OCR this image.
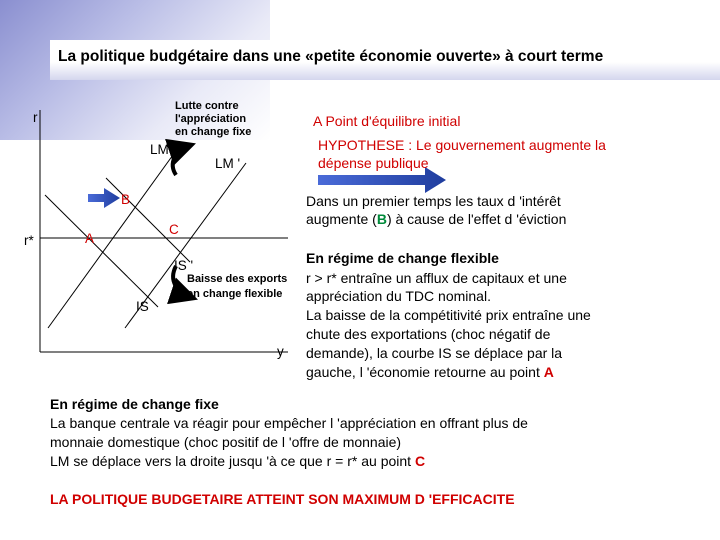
La politique budgétaire dans une «petite économie ouverte» à court terme
r
y
r*
LM
LM '
IS
IS '
A
B
C
Lutte contre
l'appréciation
en change fixe
Baisse des exports
en change flexible
A Point d'équilibre initial
HYPOTHESE : Le gouvernement augmente la
dépense publique
Dans un premier temps les taux d 'intérêt
augmente (B) à cause de l'effet d 'éviction
En régime de change flexible
r > r* entraîne un afflux de capitaux et une
appréciation du TDC nominal.
La baisse de la compétitivité prix entraîne une
chute des exportations (choc négatif de
demande), la courbe IS se déplace par la
gauche, l 'économie retourne au point A
En régime de change fixe
La banque centrale va réagir pour empêcher l 'appréciation en offrant plus de
monnaie domestique (choc positif de l 'offre de monnaie)
LM se déplace vers la droite jusqu 'à ce que r = r* au point C
LA POLITIQUE BUDGETAIRE ATTEINT SON MAXIMUM D 'EFFICACITE
